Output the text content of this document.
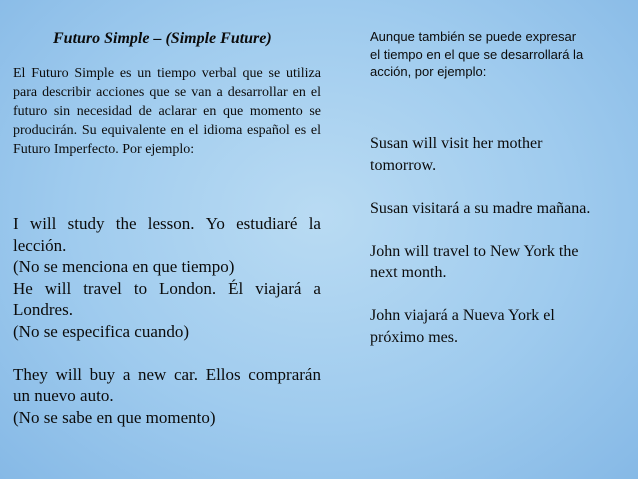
Futuro Simple – (Simple Future)

El Futuro Simple es un tiempo verbal que se utiliza para describir acciones que se van a desarrollar en el futuro sin necesidad de aclarar en que momento se producirán. Su equivalente en el idioma español es el Futuro Imperfecto. Por ejemplo:

I will study the lesson. Yo estudiaré la
lección.
(No se menciona en que tiempo)
He will travel to London. Él viajará a
Londres.
(No se especifica cuando)
They will buy a new car. Ellos comprarán
un nuevo auto.
(No se sabe en que momento)
Aunque también se puede expresar
el tiempo en el que se desarrollará la
acción, por ejemplo:
Susan will visit her mother
tomorrow.
Susan visitará a su madre mañana.
John will travel to New York the
next month.
John viajará a Nueva York el
próximo mes.
